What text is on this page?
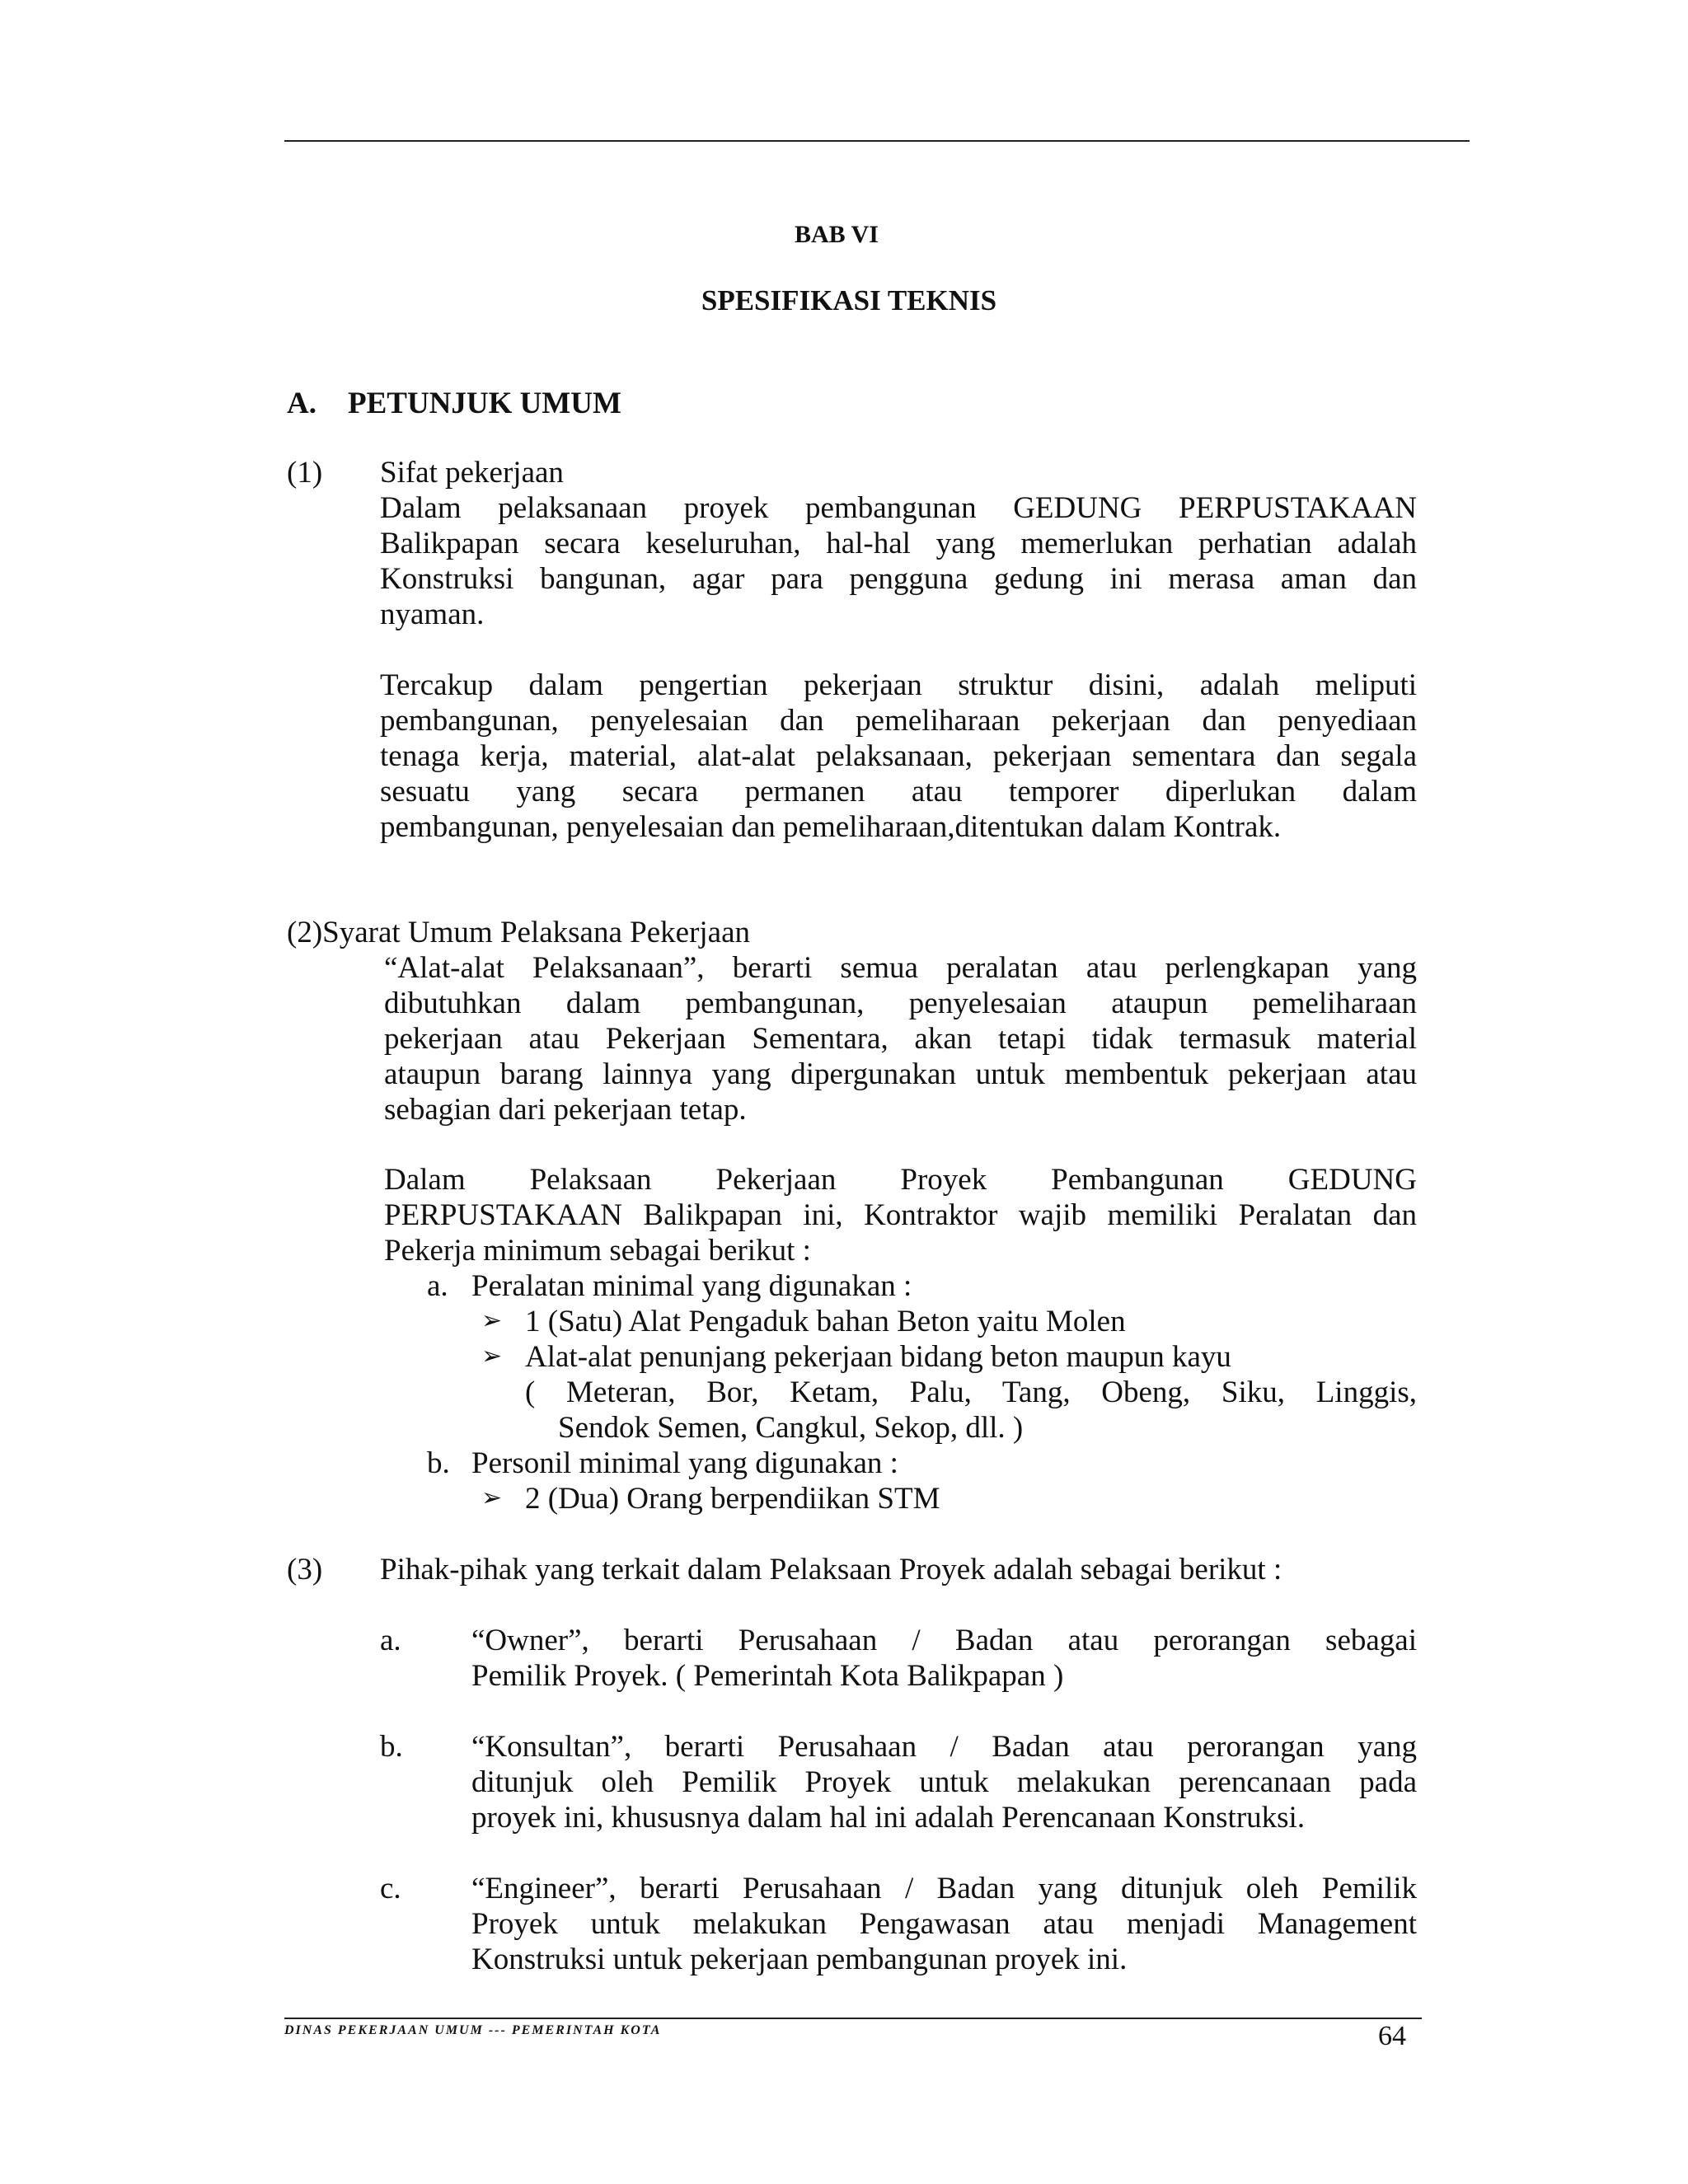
BAB VI
SPESIFIKASI TEKNIS
A. PETUNJUK UMUM
(1) Sifat pekerjaan
Dalam pelaksanaan proyek pembangunan GEDUNG PERPUSTAKAAN
Balikpapan secara keseluruhan, hal-hal yang memerlukan perhatian adalah
Konstruksi bangunan, agar para pengguna gedung ini merasa aman dan
nyaman.
Tercakup dalam pengertian pekerjaan struktur disini, adalah meliputi
pembangunan, penyelesaian dan pemeliharaan pekerjaan dan penyediaan
tenaga kerja, material, alat-alat pelaksanaan, pekerjaan sementara dan segala
sesuatu yang secara permanen atau temporer diperlukan dalam
pembangunan, penyelesaian dan pemeliharaan,ditentukan dalam Kontrak.
(2)Syarat Umum Pelaksana Pekerjaan
“Alat-alat Pelaksanaan”, berarti semua peralatan atau perlengkapan yang
dibutuhkan dalam pembangunan, penyelesaian ataupun pemeliharaan
pekerjaan atau Pekerjaan Sementara, akan tetapi tidak termasuk material
ataupun barang lainnya yang dipergunakan untuk membentuk pekerjaan atau
sebagian dari pekerjaan tetap.
Dalam Pelaksaan Pekerjaan Proyek Pembangunan GEDUNG
PERPUSTAKAAN Balikpapan ini, Kontraktor wajib memiliki Peralatan dan
Pekerja minimum sebagai berikut :
a. Peralatan minimal yang digunakan :
➢ 1 (Satu) Alat Pengaduk bahan Beton yaitu Molen
➢ Alat-alat penunjang pekerjaan bidang beton maupun kayu
( Meteran, Bor, Ketam, Palu, Tang, Obeng, Siku, Linggis,
Sendok Semen, Cangkul, Sekop, dll. )
b. Personil minimal yang digunakan :
➢ 2 (Dua) Orang berpendiikan STM
(3) Pihak-pihak yang terkait dalam Pelaksaan Proyek adalah sebagai berikut :
a. “Owner”, berarti Perusahaan / Badan atau perorangan sebagai
Pemilik Proyek. ( Pemerintah Kota Balikpapan )
b. “Konsultan”, berarti Perusahaan / Badan atau perorangan yang
ditunjuk oleh Pemilik Proyek untuk melakukan perencanaan pada
proyek ini, khususnya dalam hal ini adalah Perencanaan Konstruksi.
c. “Engineer”, berarti Perusahaan / Badan yang ditunjuk oleh Pemilik
Proyek untuk melakukan Pengawasan atau menjadi Management
Konstruksi untuk pekerjaan pembangunan proyek ini.
DINAS PEKERJAAN UMUM --- PEMERINTAH KOTA	64
